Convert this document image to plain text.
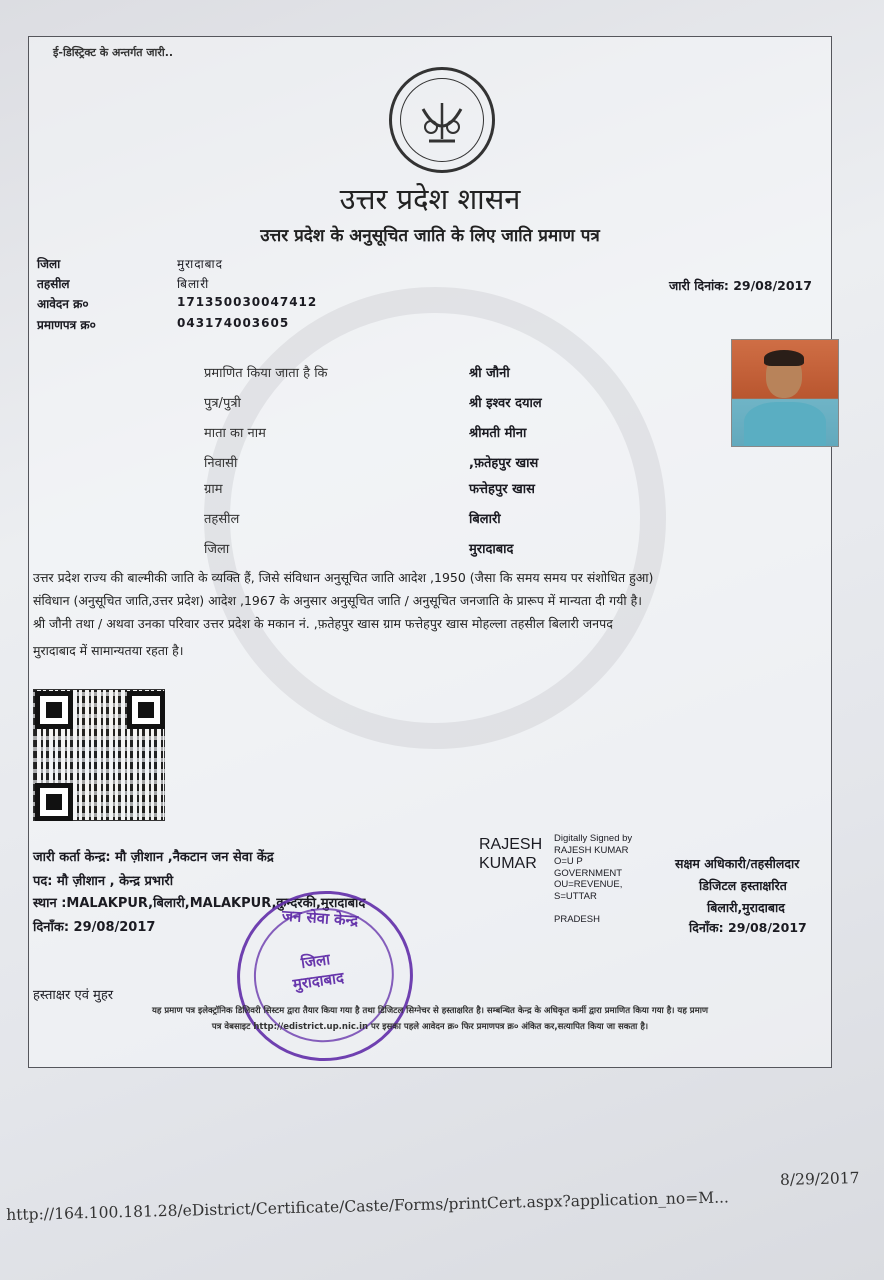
ई-डिस्ट्रिक्ट के अन्तर्गत जारी..
उत्तर प्रदेश शासन
उत्तर प्रदेश के अनुसूचित जाति के लिए जाति प्रमाण पत्र
जिला	मुरादाबाद
तहसील	बिलारी
आवेदन क्र०	171350030047412
प्रमाणपत्र क्र०	043174003605
जारी दिनांक: 29/08/2017
प्रमाणित किया जाता है कि	श्री जौनी
पुत्र/पुत्री	श्री इश्वर दयाल
माता का नाम	श्रीमती मीना
निवासी	,फ़तेहपुर खास
ग्राम	फत्तेहपुर खास
तहसील	बिलारी
जिला	मुरादाबाद
उत्तर प्रदेश राज्य की बाल्मीकी जाति के व्यक्ति हैं, जिसे संविधान अनुसूचित जाति आदेश ,1950 (जैसा कि समय समय पर संशोधित हुआ)
संविधान (अनुसूचित जाति,उत्तर प्रदेश) आदेश ,1967 के अनुसार अनुसूचित जाति / अनुसूचित जनजाति के प्रारूप में मान्यता दी गयी है।
श्री जौनी तथा / अथवा उनका परिवार उत्तर प्रदेश के मकान नं. ,फ़तेहपुर खास ग्राम फत्तेहपुर खास मोहल्ला तहसील बिलारी जनपद
मुरादाबाद में सामान्यतया रहता है।
जारी कर्ता केन्द्र: मौ ज़ीशान ,नैकटान जन सेवा केंद्र
पद: मौ ज़ीशान , केन्द्र प्रभारी
स्थान :MALAKPUR,बिलारी,MALAKPUR,कुन्दरकी,मुरादाबाद
दिनाँक: 29/08/2017
RAJESH
KUMAR
Digitally Signed by
RAJESH KUMAR
O=U P
GOVERNMENT
OU=REVENUE,
S=UTTAR

PRADESH
सक्षम अधिकारी/तहसीलदार
डिजिटल हस्ताक्षरित
बिलारी,मुरादाबाद
दिनाँक: 29/08/2017
हस्ताक्षर एवं मुहर
जन सेवा केन्द्र
जिला
मुरादाबाद
यह प्रमाण पत्र इलेक्ट्रॉनिक डिलिवरी सिस्टम द्वारा तैयार किया गया है तथा डिजिटल सिग्नेचर से हस्ताक्षरित है। सम्बन्धित केन्द्र के अधिकृत कर्मी द्वारा प्रमाणित किया गया है। यह प्रमाण
पत्र वेबसाइट http://edistrict.up.nic.in पर इसका पहले आवेदन क्र० फिर प्रमाणपत्र क्र० अंकित कर,सत्यापित किया जा सकता है।
http://164.100.181.28/eDistrict/Certificate/Caste/Forms/printCert.aspx?application_no=M...
8/29/2017
